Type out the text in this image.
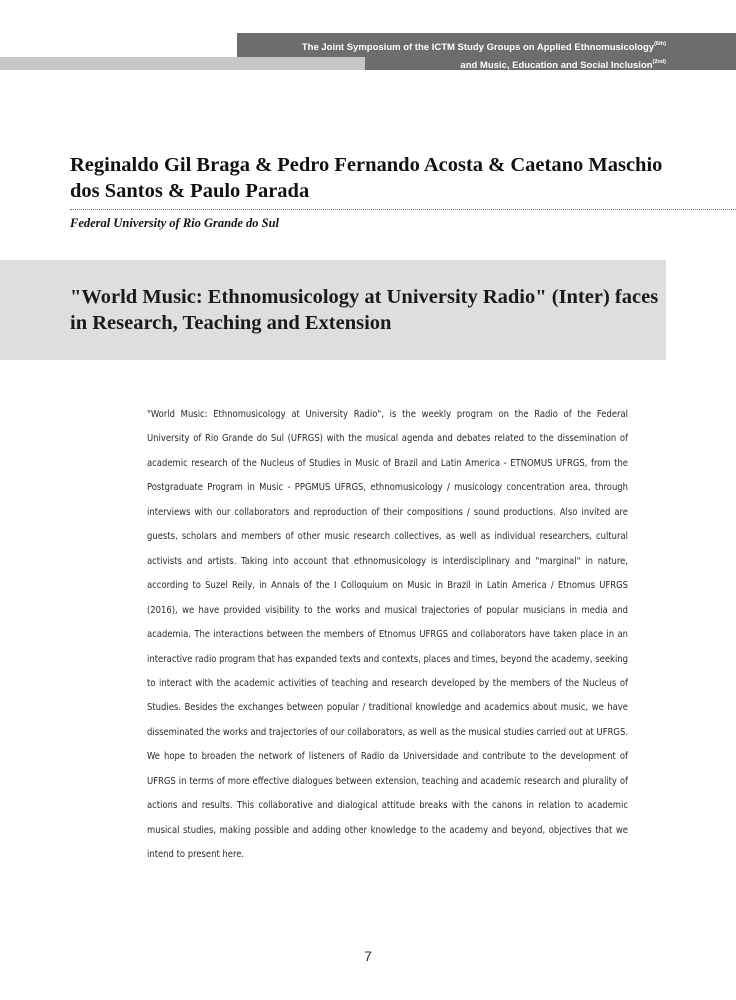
The Joint Symposium of the ICTM Study Groups on Applied Ethnomusicology$^{(6th)}$
and Music, Education and Social Inclusion$^{(2nd)}$
Reginaldo Gil Braga & Pedro Fernando Acosta & Caetano Maschio dos Santos & Paulo Parada
Federal University of Rio Grande do Sul
"World Music: Ethnomusicology at University Radio" (Inter) faces in Research, Teaching and Extension

"World Music: Ethnomusicology at University Radio", is the weekly program on the Radio of the Federal University of Rio Grande do Sul (UFRGS) with the musical agenda and debates related to the dissemination of academic research of the Nucleus of Studies in Music of Brazil and Latin America - ETNOMUS UFRGS, from the Postgraduate Program in Music - PPGMUS UFRGS, ethnomusicology / musicology concentration area, through interviews with our collaborators and reproduction of their compositions / sound productions. Also invited are guests, scholars and members of other music research collectives, as well as individual researchers, cultural activists and artists. Taking into account that ethnomusicology is interdisciplinary and "marginal" in nature, according to Suzel Reily, in Annals of the I Colloquium on Music in Brazil in Latin America / Etnomus UFRGS (2016), we have provided visibility to the works and musical trajectories of popular musicians in media and academia. The interactions between the members of Etnomus UFRGS and collaborators have taken place in an interactive radio program that has expanded texts and contexts, places and times, beyond the academy, seeking to interact with the academic activities of teaching and research developed by the members of the Nucleus of Studies. Besides the exchanges between popular / traditional knowledge and academics about music, we have disseminated the works and trajectories of our collaborators, as well as the musical studies carried out at UFRGS. We hope to broaden the network of listeners of Radio da Universidade and contribute to the development of UFRGS in terms of more effective dialogues between extension, teaching and academic research and plurality of actions and results. This collaborative and dialogical attitude breaks with the canons in relation to academic musical studies, making possible and adding other knowledge to the academy and beyond, objectives that we intend to present here.

7
